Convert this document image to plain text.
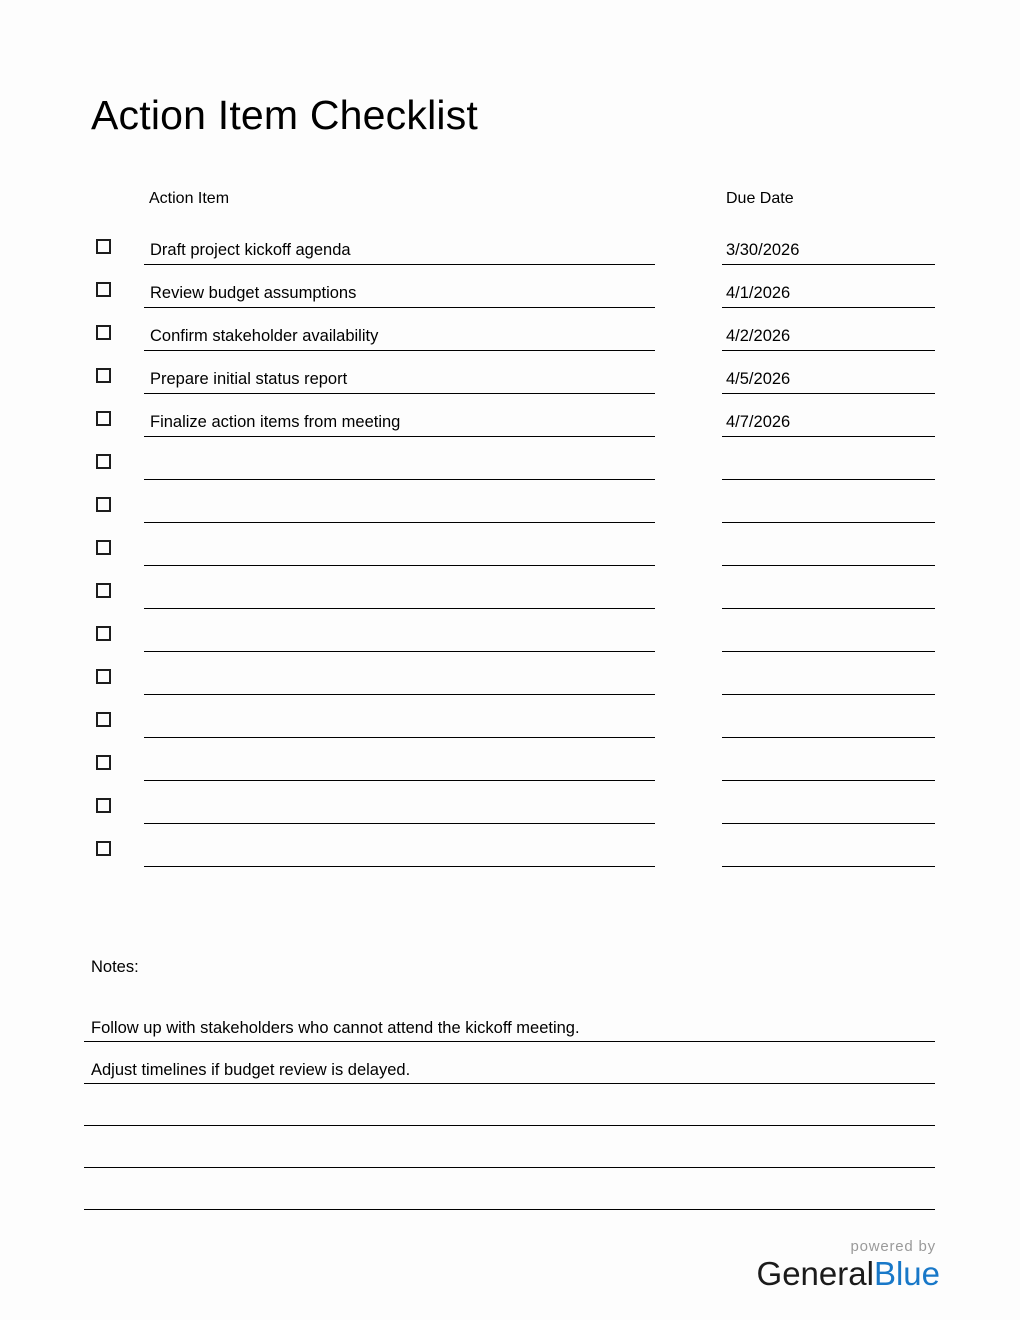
Action Item Checklist
Action Item	Due Date
Draft project kickoff agenda	3/30/2026
Review budget assumptions	4/1/2026
Confirm stakeholder availability	4/2/2026
Prepare initial status report	4/5/2026
Finalize action items from meeting	4/7/2026
Notes:
Follow up with stakeholders who cannot attend the kickoff meeting.
Adjust timelines if budget review is delayed.
powered by
GeneralBlue
